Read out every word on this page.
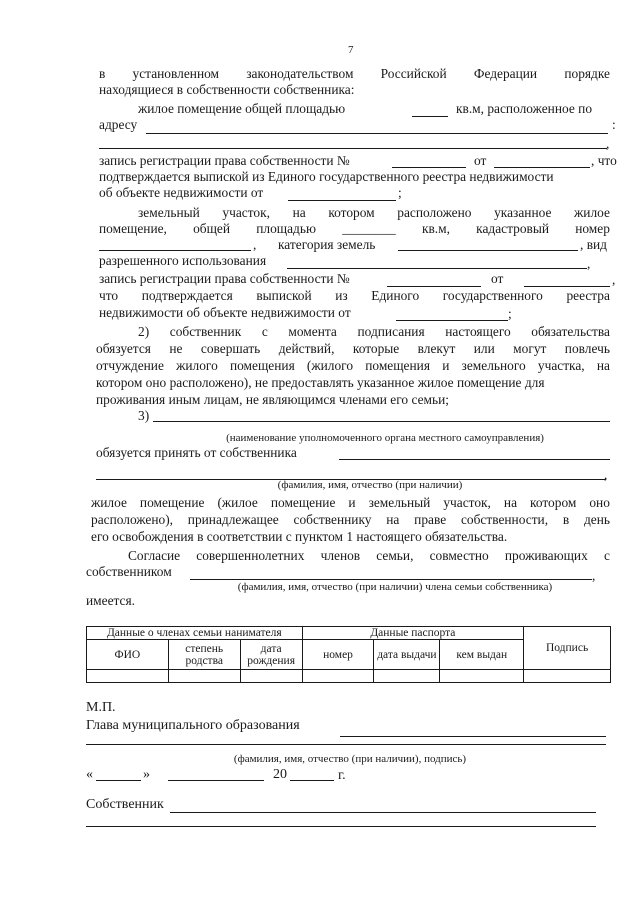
7
в установленном законодательством Российской Федерации порядке
находящиеся в собственности собственника:
жилое помещение общей площадью	кв.м, расположенное по
адресу	:
,
запись регистрации права собственности №	от	, что
подтверждается выпиской из Единого государственного реестра недвижимости
об объекте недвижимости от	;
земельный участок, на котором расположено указанное жилое
помещение, общей площадью ________ кв.м, кадастровый номер
, категория земель	, вид
разрешенного использования	,
запись регистрации права собственности №	от	,
что подтверждается выпиской из Единого государственного реестра
недвижимости об объекте недвижимости от	;
2) собственник с момента подписания настоящего обязательства
обязуется не совершать действий, которые влекут или могут повлечь
отчуждение жилого помещения (жилого помещения и земельного участка, на
котором оно расположено), не предоставлять указанное жилое помещение для
проживания иным лицам, не являющимся членами его семьи;
3)
(наименование уполномоченного органа местного самоуправления)
обязуется принять от собственника
,
(фамилия, имя, отчество (при наличии)
жилое помещение (жилое помещение и земельный участок, на котором оно
расположено), принадлежащее собственнику на праве собственности, в день
его освобождения в соответствии с пунктом 1 настоящего обязательства.
Согласие совершеннолетних членов семьи, совместно проживающих с
собственником	,
(фамилия, имя, отчество (при наличии) члена семьи собственника)
имеется.
Данные о членах семьи нанимателя			Данные паспорта			Подпись
ФИО	степень родства	дата рождения	номер	дата выдачи	кем выдан	

М.П.
Глава муниципального образования
(фамилия, имя, отчество (при наличии), подпись)
«	»	20	г.
Собственник
